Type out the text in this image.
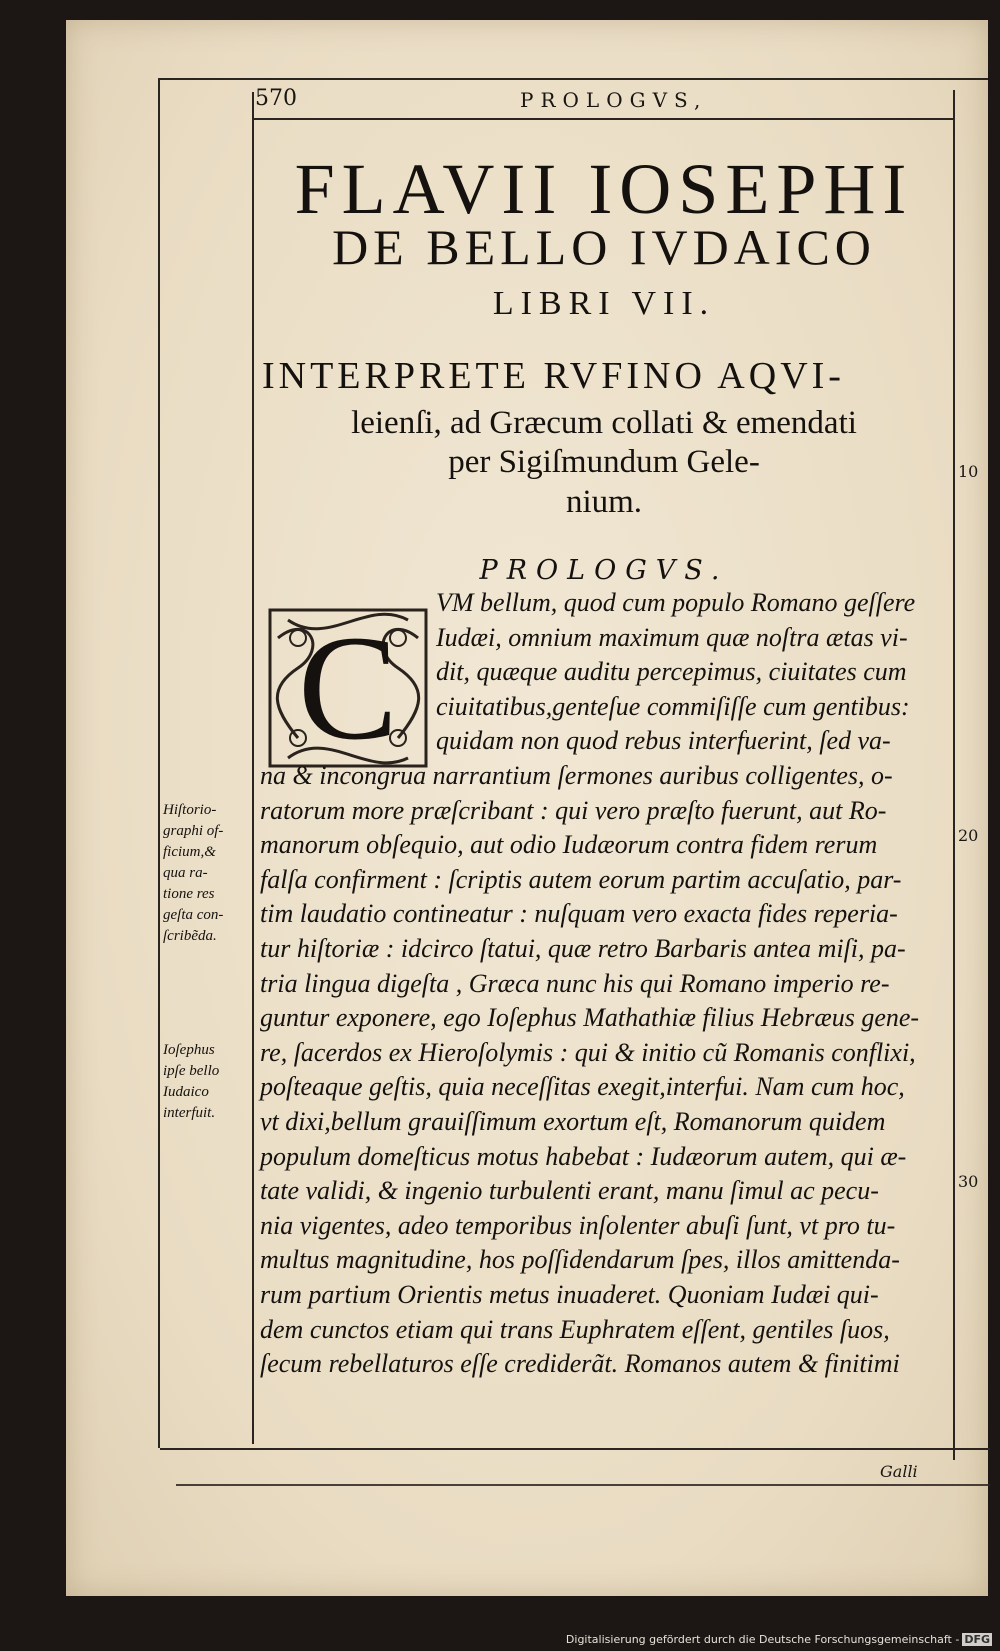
570	PROLOGVS,
FLAVII IOSEPHI
DE BELLO IVDAICO
LIBRI VII.
INTERPRETE RVFINO AQVI-
leienſi, ad Græcum collati & emendati
per Sigiſmundum Gele-
nium.
PROLOGVS.
C
VM bellum, quod cum populo Romano geſſere
Iudæi, omnium maximum quæ noſtra ætas vi-
dit, quæque auditu percepimus, ciuitates cum
ciuitatibus,genteſue commiſiſſe cum gentibus:
quidam non quod rebus interfuerint, ſed va-
na & incongrua narrantium ſermones auribus colligentes, o-
ratorum more præſcribant : qui vero præſto fuerunt, aut Ro-
manorum obſequio, aut odio Iudæorum contra fidem rerum
falſa confirment : ſcriptis autem eorum partim accuſatio, par-
tim laudatio contineatur : nuſquam vero exacta fides reperia-
tur hiſtoriæ : idcirco ſtatui, quæ retro Barbaris antea miſi, pa-
tria lingua digeſta , Græca nunc his qui Romano imperio re-
guntur exponere, ego Ioſephus Mathathiæ filius Hebræus gene-
re, ſacerdos ex Hieroſolymis : qui & initio cũ Romanis conflixi,
poſteaque geſtis, quia neceſſitas exegit,interfui. Nam cum hoc,
vt dixi,bellum grauiſſimum exortum eſt, Romanorum quidem
populum domeſticus motus habebat : Iudæorum autem, qui æ-
tate validi, & ingenio turbulenti erant, manu ſimul ac pecu-
nia vigentes, adeo temporibus inſolenter abuſi ſunt, vt pro tu-
multus magnitudine, hos poſſidendarum ſpes, illos amittenda-
rum partium Orientis metus inuaderet. Quoniam Iudæi qui-
dem cunctos etiam qui trans Euphratem eſſent, gentiles ſuos,
ſecum rebellaturos eſſe crediderãt. Romanos autem & finitimi
Hiſtorio-
graphi of-
ficium,&
qua ra-
tione res
geſta con-
ſcribẽda.
Ioſephus
ipſe bello
Iudaico
interfuit.
10
20
30
Galli
Digitalisierung gefördert durch die Deutsche Forschungsgemeinschaft - DFG
